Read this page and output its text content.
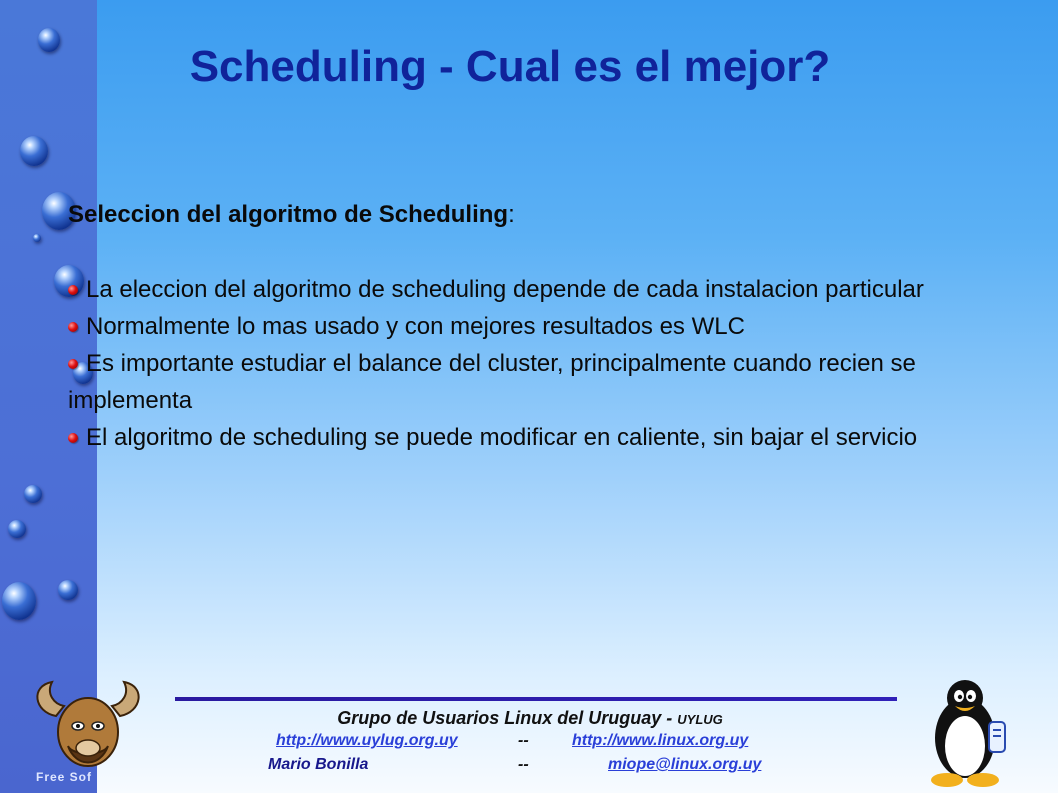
Scheduling - Cual es el mejor?

Seleccion del algoritmo de Scheduling:

La eleccion del algoritmo de scheduling depende de cada instalacion particular

Normalmente lo mas usado y con mejores resultados es WLC

Es importante estudiar el balance del cluster, principalmente cuando recien se implementa

El algoritmo de scheduling se puede modificar en caliente, sin bajar el servicio

Grupo de Usuarios Linux del Uruguay - UYLUG

http://www.uylug.org.uy	--	http://www.linux.org.uy
Mario Bonilla	--	miope@linux.org.uy
Free Sof
